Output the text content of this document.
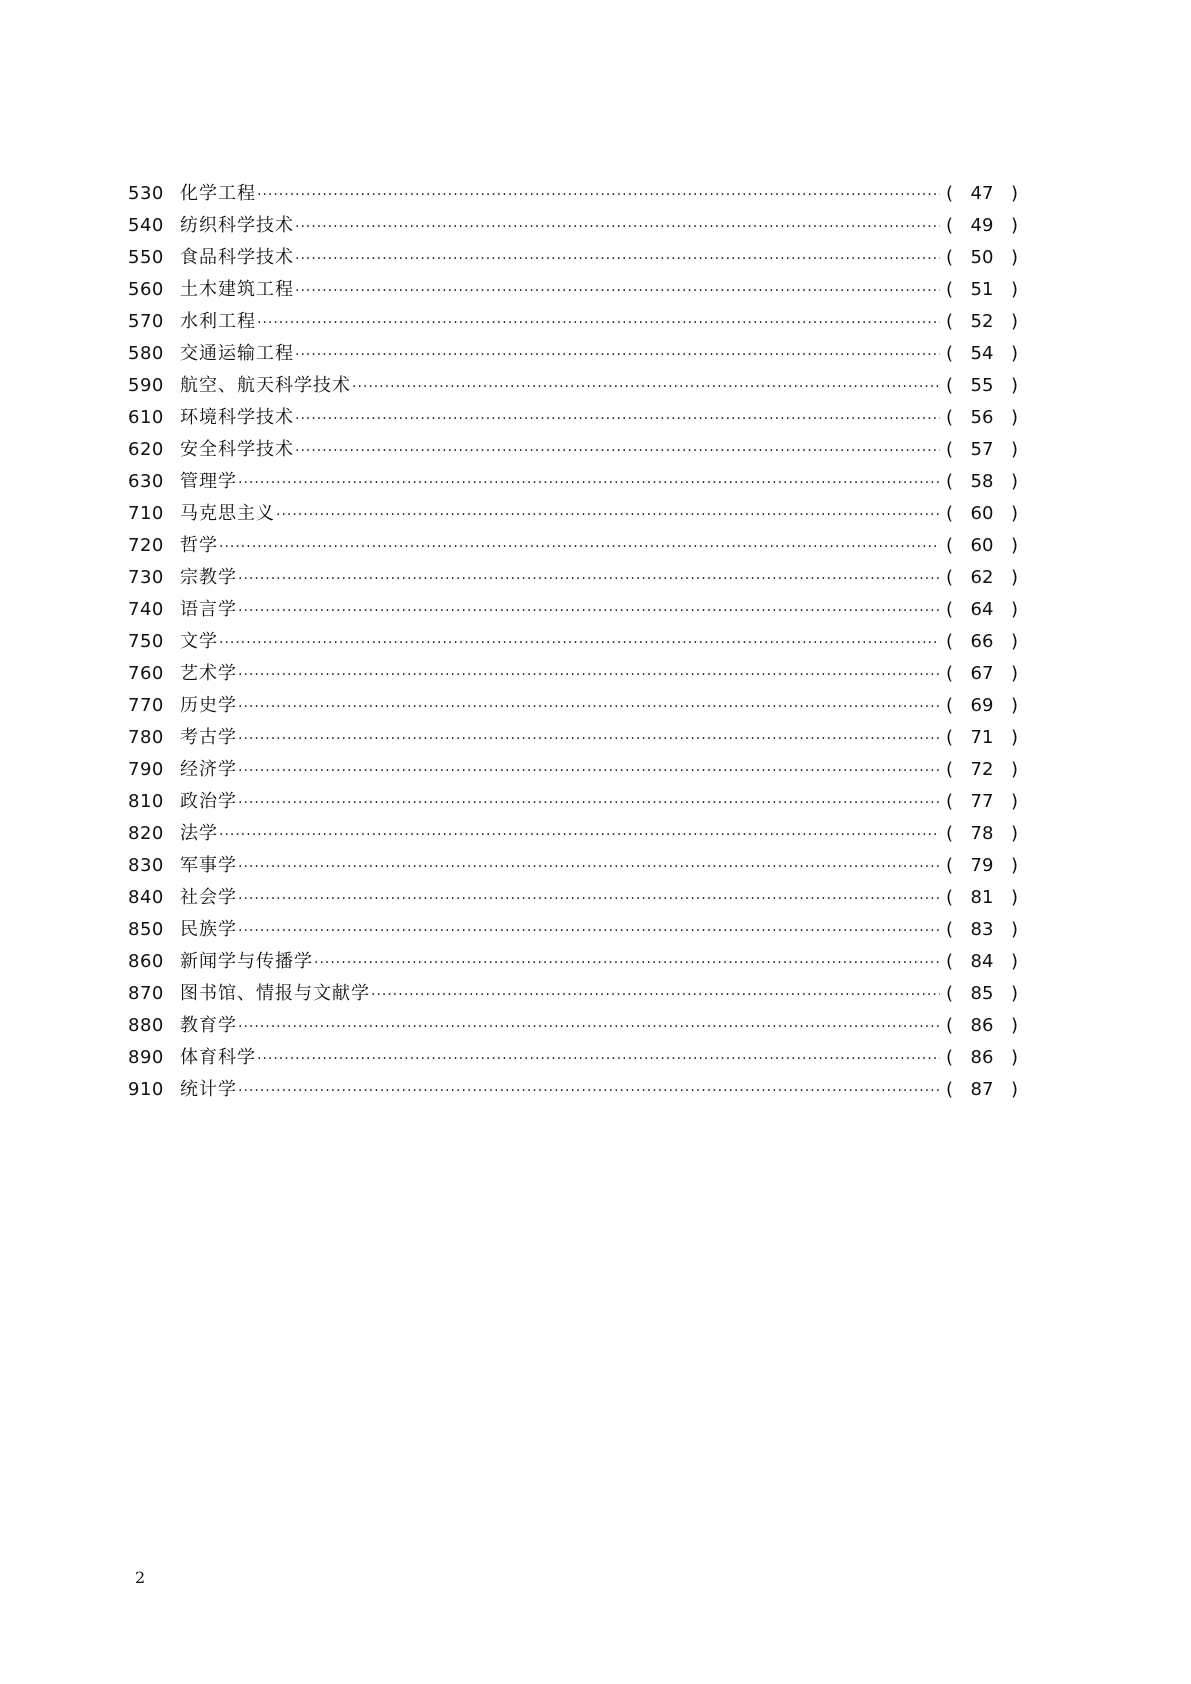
530 化学工程 ·····	( 47 )
540 纺织科学技术 ·····	( 49 )
550 食品科学技术 ·····	( 50 )
560 土木建筑工程 ·····	( 51 )
570 水利工程 ·····	( 52 )
580 交通运输工程 ·····	( 54 )
590 航空、航天科学技术 ·····	( 55 )
610 环境科学技术 ·····	( 56 )
620 安全科学技术 ·····	( 57 )
630 管理学 ·····	( 58 )
710 马克思主义 ·····	( 60 )
720 哲学 ·····	( 60 )
730 宗教学 ·····	( 62 )
740 语言学 ·····	( 64 )
750 文学 ·····	( 66 )
760 艺术学 ·····	( 67 )
770 历史学 ·····	( 69 )
780 考古学 ·····	( 71 )
790 经济学 ·····	( 72 )
810 政治学 ·····	( 77 )
820 法学 ·····	( 78 )
830 军事学 ·····	( 79 )
840 社会学 ·····	( 81 )
850 民族学 ·····	( 83 )
860 新闻学与传播学 ·····	( 84 )
870 图书馆、情报与文献学 ·····	( 85 )
880 教育学 ·····	( 86 )
890 体育科学 ·····	( 86 )
910 统计学 ·····	( 87 )
2
